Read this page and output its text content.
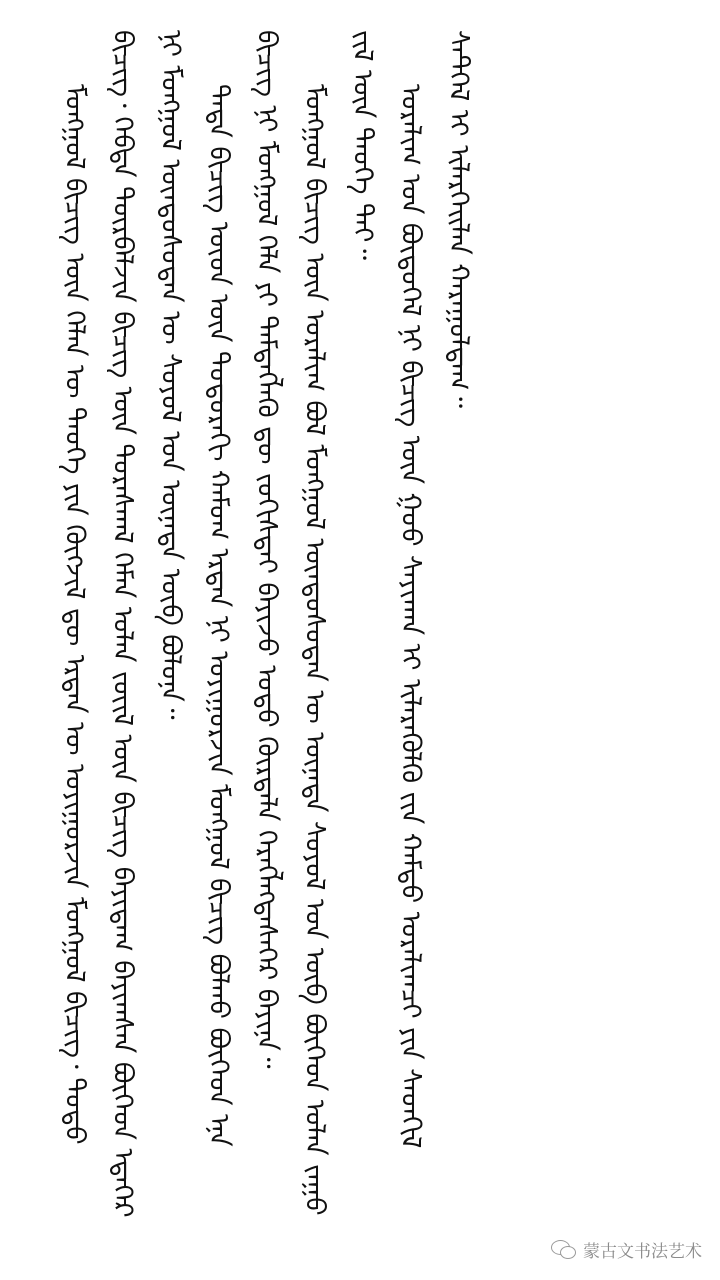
ᠮᠣᠩᠭᠣᠯ ᠪᠢᠴᠢᠭ ᠦᠨ ᠬᠡᠯᠡᠨ ᠦ ᠲᠡᠦᠬᠡ ᠶᠢᠨ ᠬᠥᠭᠵᠢᠯ ᠳᠦ ᠡᠷᠲᠡᠨ ᠦ ᠤᠶᠢᠭᠤᠷᠵᠢᠨ ᠮᠣᠩᠭᠣᠯ ᠪᠢᠴᠢᠭ᠂ ᠲᠣᠳᠣ ᠪᠢᠴᠢᠭ᠂ ᠬᠡᠪᠲᠡ ᠳᠥᠷᠪᠡᠯᠵᠢᠨ ᠪᠢᠴᠢᠭ ᠦᠨ ᠳᠤᠷᠠᠰᠬᠠᠯ ᠬᠡᠮᠡᠨ ᠣᠯᠠᠨ ᠵᠦᠢᠯ ᠦᠨ ᠪᠢᠴᠢᠭ ᠪᠠᠶᠢᠳᠠᠭ ᠪᠠᠶᠢᠭᠰᠠᠨ ᠪᠥᠭᠡᠳ ᠡᠳᠡᠭᠡᠷ ᠨᠢ ᠮᠣᠩᠭᠣᠯ ᠦᠨᠳᠦᠰᠦᠲᠡᠨ ᠦ ᠰᠣᠶᠣᠯ ᠤᠨ ᠦᠨᠡᠲᠡ ᠥᠪ ᠪᠣᠯᠤᠨᠠ᠃ ᠲᠡᠳᠡ ᠪᠢᠴᠢᠭ ᠦᠳ ᠦᠨ ᠳᠣᠲᠣᠷᠠᠬᠢ ᠬᠠᠮᠤᠭ ᠡᠷᠲᠡᠨ ᠨᠢ ᠤᠶᠢᠭᠤᠷᠵᠢᠨ ᠮᠣᠩᠭᠣᠯ ᠪᠢᠴᠢᠭ ᠪᠣᠯᠬᠤ ᠪᠥᠭᠡᠳ ᠡᠨᠡ ᠪᠢᠴᠢᠭ ᠨᠢ ᠮᠣᠩᠭᠣᠯ ᠬᠡᠯᠡ ᠶᠢ ᠲᠡᠮᠳᠡᠭᠯᠡᠬᠦ ᠳᠦ ᠵᠣᠬᠢᠰᠲᠠᠢ ᠪᠠᠶᠢᠵᠤ ᠣᠳᠣ ᠬᠦᠷᠲᠡᠯᠡ ᠬᠡᠷᠡᠭᠯᠡᠭᠳᠡᠰᠡᠭᠡᠷ ᠪᠠᠶᠢᠨᠠ᠃ ᠮᠣᠩᠭᠣᠯ ᠪᠢᠴᠢᠭ ᠦᠨ ᠤᠷᠠᠯᠢᠭ ᠪᠣᠯ ᠮᠣᠩᠭᠣᠯ ᠦᠨᠳᠦᠰᠦᠲᠡᠨ ᠦ ᠦᠨᠡᠲᠡ ᠰᠣᠶᠣᠯ ᠤᠨ ᠥᠪ ᠪᠥᠭᠡᠳ ᠣᠯᠠᠨ ᠵᠠᠭᠤ ᠵᠢᠯ ᠦᠨ ᠲᠡᠦᠬᠡ ᠲᠠᠢ᠃ ᠤᠷᠠᠯᠢᠭ ᠤᠨ ᠪᠦᠲᠦᠭᠡᠯ ᠨᠢ ᠪᠢᠴᠢᠭ ᠦᠨ ᠭᠣᠣ ᠰᠠᠶᠢᠬᠠᠨ ᠢ ᠢᠯᠡᠷᠡᠭᠦᠯᠬᠦ ᠵᠢᠨ ᠬᠠᠮᠲᠤ ᠤᠷᠠᠯᠢᠭᠴᠢ ᠶᠢᠨ ᠰᠡᠳᠬᠢᠯ ᠰᠡᠲᠭᠡᠯ ᠢ ᠢᠯᠡᠷᠬᠡᠢᠯᠡᠨ ᠬᠠᠷᠠᠭᠤᠯᠳᠠᠭ᠃

蒙古文书法艺术
